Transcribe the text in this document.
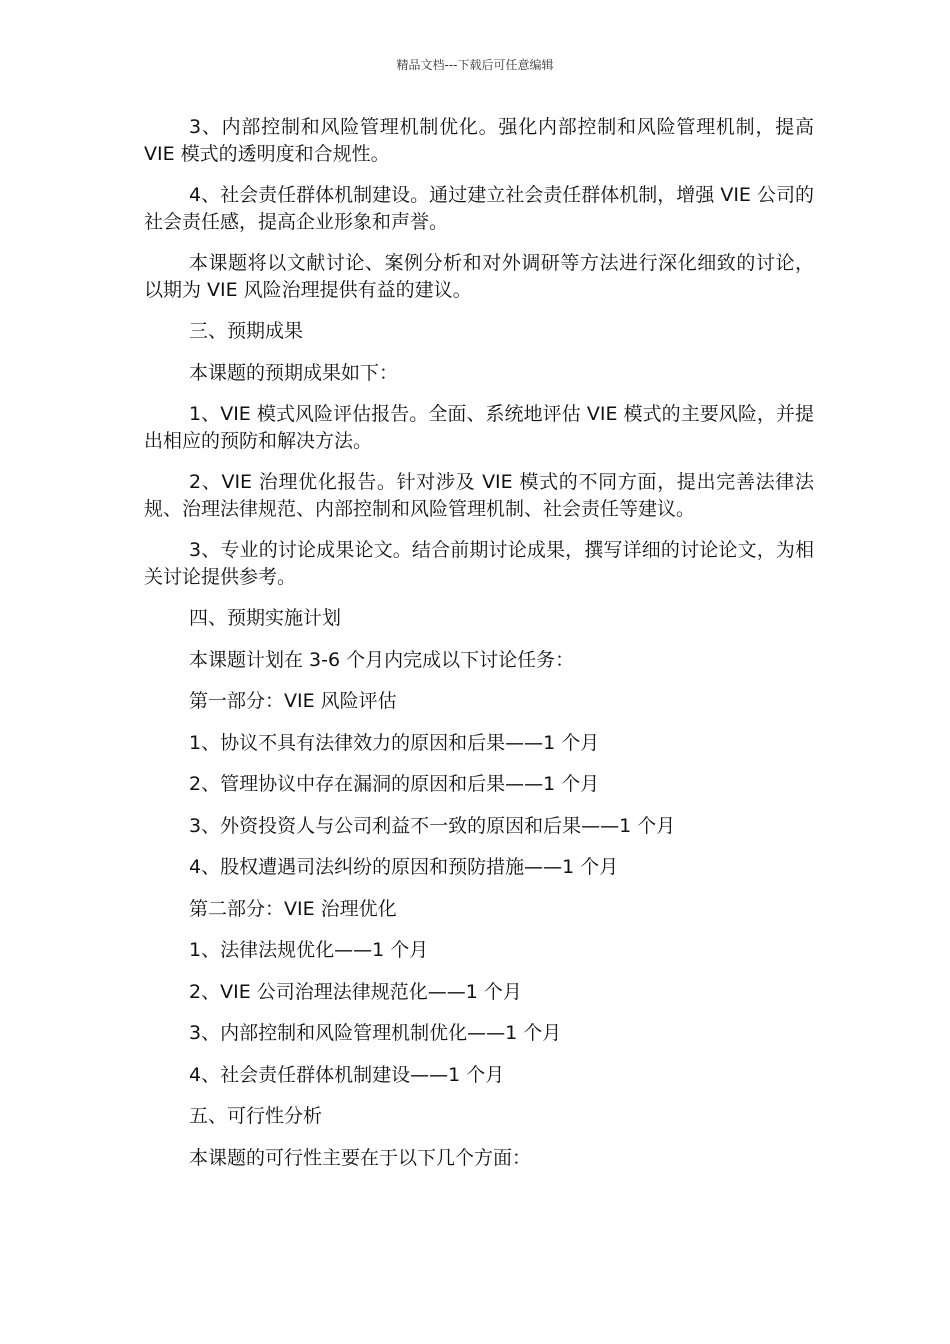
精品文档---下载后可任意编辑

3、内部控制和风险管理机制优化。强化内部控制和风险管理机制，提高 VIE 模式的透明度和合规性。

4、社会责任群体机制建设。通过建立社会责任群体机制，增强 VIE 公司的社会责任感，提高企业形象和声誉。

本课题将以文献讨论、案例分析和对外调研等方法进行深化细致的讨论，以期为 VIE 风险治理提供有益的建议。

三、预期成果

本课题的预期成果如下：

1、VIE 模式风险评估报告。全面、系统地评估 VIE 模式的主要风险，并提出相应的预防和解决方法。

2、VIE 治理优化报告。针对涉及 VIE 模式的不同方面，提出完善法律法规、治理法律规范、内部控制和风险管理机制、社会责任等建议。

3、专业的讨论成果论文。结合前期讨论成果，撰写详细的讨论论文，为相关讨论提供参考。

四、预期实施计划

本课题计划在 3-6 个月内完成以下讨论任务：

第一部分：VIE 风险评估

1、协议不具有法律效力的原因和后果——1 个月

2、管理协议中存在漏洞的原因和后果——1 个月

3、外资投资人与公司利益不一致的原因和后果——1 个月

4、股权遭遇司法纠纷的原因和预防措施——1 个月

第二部分：VIE 治理优化

1、法律法规优化——1 个月

2、VIE 公司治理法律规范化——1 个月

3、内部控制和风险管理机制优化——1 个月

4、社会责任群体机制建设——1 个月

五、可行性分析

本课题的可行性主要在于以下几个方面：
